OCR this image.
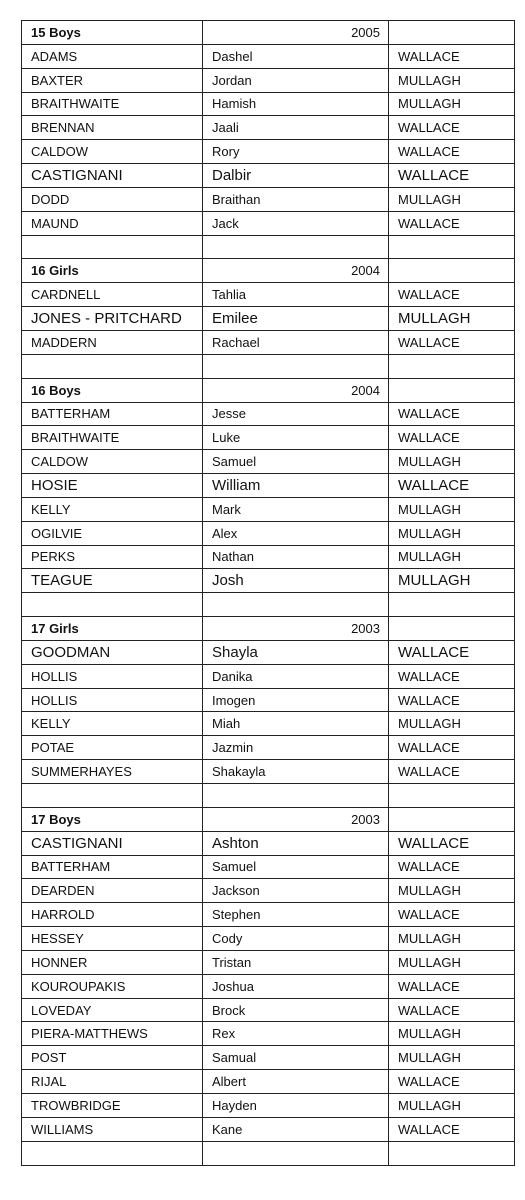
15 Boys	2005	
ADAMS	Dashel	WALLACE
BAXTER	Jordan	MULLAGH
BRAITHWAITE	Hamish	MULLAGH
BRENNAN	Jaali	WALLACE
CALDOW	Rory	WALLACE
CASTIGNANI	Dalbir	WALLACE
DODD	Braithan	MULLAGH
MAUND	Jack	WALLACE

16 Girls	2004	
CARDNELL	Tahlia	WALLACE
JONES - PRITCHARD	Emilee	MULLAGH
MADDERN	Rachael	WALLACE

16 Boys	2004	
BATTERHAM	Jesse	WALLACE
BRAITHWAITE	Luke	WALLACE
CALDOW	Samuel	MULLAGH
HOSIE	William	WALLACE
KELLY	Mark	MULLAGH
OGILVIE	Alex	MULLAGH
PERKS	Nathan	MULLAGH
TEAGUE	Josh	MULLAGH

17 Girls	2003	
GOODMAN	Shayla	WALLACE
HOLLIS	Danika	WALLACE
HOLLIS	Imogen	WALLACE
KELLY	Miah	MULLAGH
POTAE	Jazmin	WALLACE
SUMMERHAYES	Shakayla	WALLACE

17 Boys	2003	
CASTIGNANI	Ashton	WALLACE
BATTERHAM	Samuel	WALLACE
DEARDEN	Jackson	MULLAGH
HARROLD	Stephen	WALLACE
HESSEY	Cody	MULLAGH
HONNER	Tristan	MULLAGH
KOUROUPAKIS	Joshua	WALLACE
LOVEDAY	Brock	WALLACE
PIERA-MATTHEWS	Rex	MULLAGH
POST	Samual	MULLAGH
RIJAL	Albert	WALLACE
TROWBRIDGE	Hayden	MULLAGH
WILLIAMS	Kane	WALLACE
